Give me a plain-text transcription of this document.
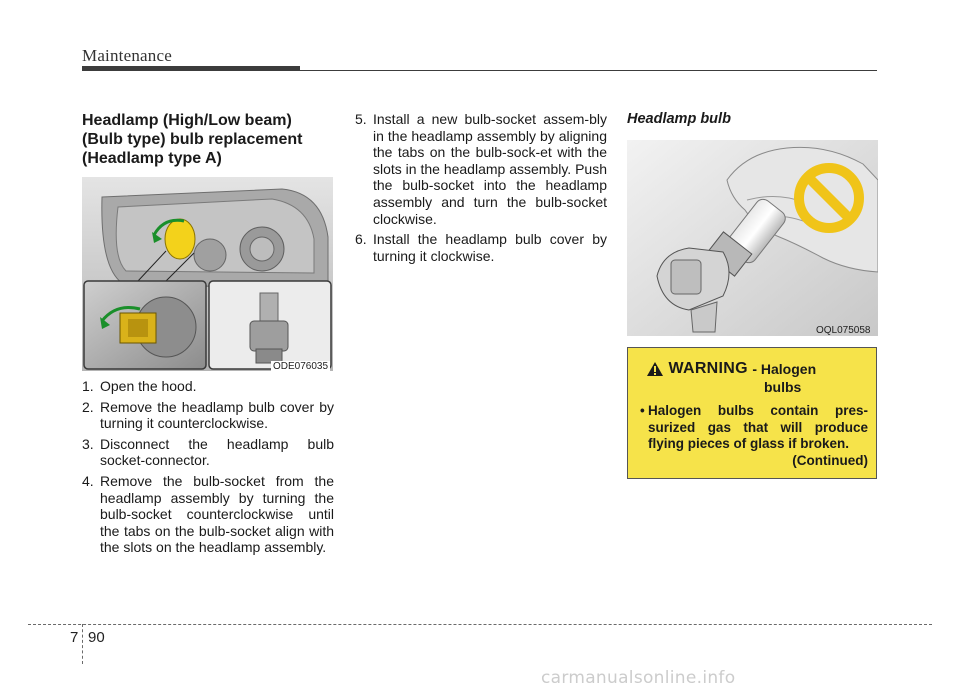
Maintenance
Headlamp (High/Low beam)
(Bulb type) bulb replacement
(Headlamp type A)
ODE076035
1. Open the hood.
2. Remove the headlamp bulb cover by turning it counterclockwise.
3. Disconnect the headlamp bulb socket-connector.
4. Remove the bulb-socket from the headlamp assembly by turning the bulb-socket counterclockwise until the tabs on the bulb-socket align with the slots on the headlamp assembly.
5. Install a new bulb-socket assem-bly in the headlamp assembly by aligning the tabs on the bulb-sock-et with the slots in the headlamp assembly. Push the bulb-socket into the headlamp assembly and turn the bulb-socket clockwise.
6. Install the headlamp bulb cover by turning it clockwise.
Headlamp bulb
OQL075058
WARNING - Halogen
bulbs
• Halogen bulbs contain pres-surized gas that will produce flying pieces of glass if broken.
(Continued)
7 90
carmanualsonline.info
